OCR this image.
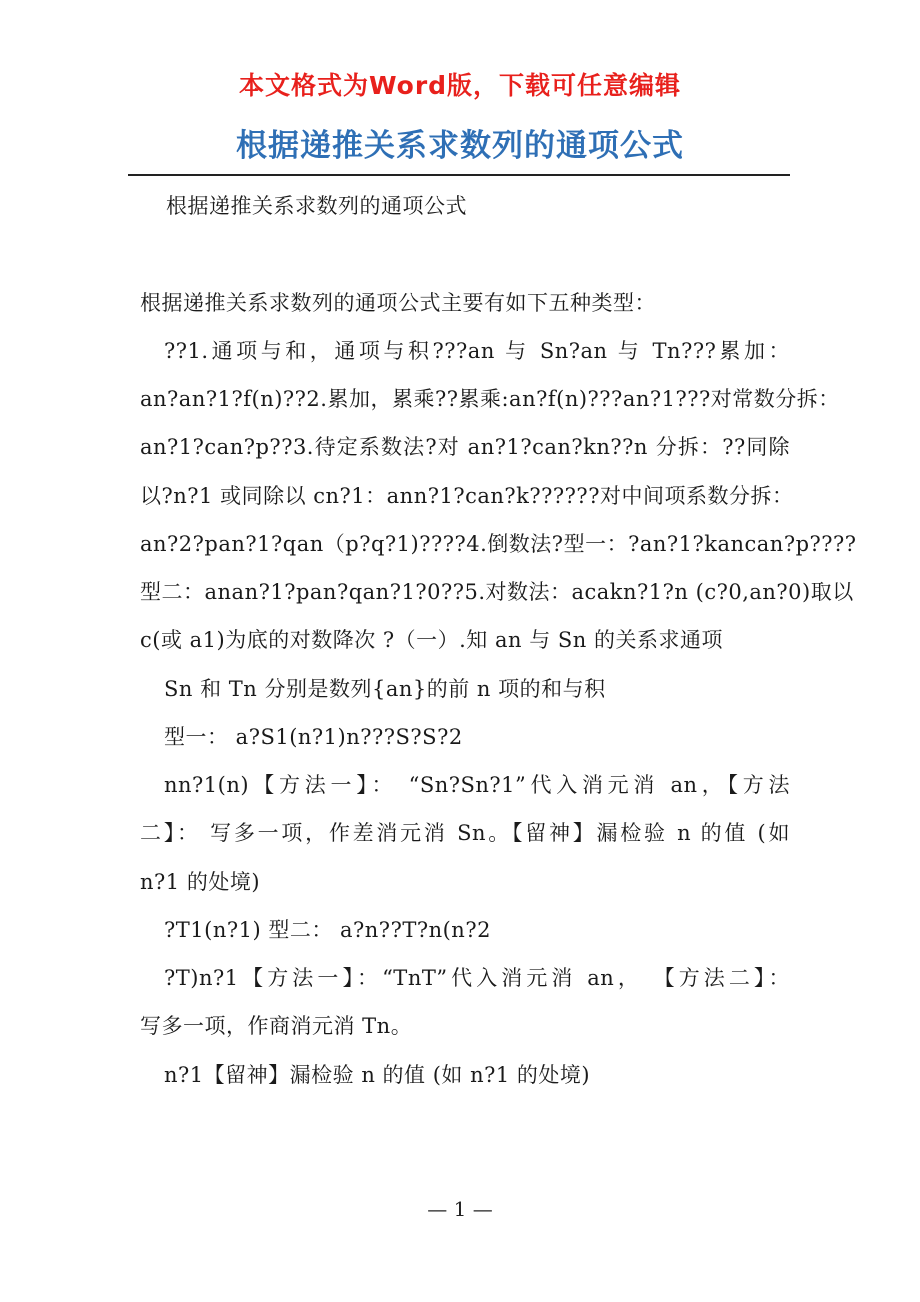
本文格式为Word版，下载可任意编辑
根据递推关系求数列的通项公式
根据递推关系求数列的通项公式
根据递推关系求数列的通项公式主要有如下五种类型：
??1.通项与和，通项与积???an 与 Sn?an 与 Tn???累加：
an?an?1?f(n)??2.累加，累乘??累乘:an?f(n)???an?1???对常数分拆：
an?1?can?p??3.待定系数法?对 an?1?can?kn??n 分拆：??同除
以?n?1 或同除以 cn?1：ann?1?can?k??????对中间项系数分拆：
an?2?pan?1?qan（p?q?1)????4.倒数法?型一：?an?1?kancan?p????
型二：anan?1?pan?qan?1?0??5.对数法：acakn?1?n (c?0,an?0)取以
c(或 a1)为底的对数降次 ?（一）.知 an 与 Sn 的关系求通项
Sn 和 Tn 分别是数列{an}的前 n 项的和与积
型一： a?S1(n?1)n???S?S?2
nn?1(n)【方法一】： “Sn?Sn?1”代入消元消 an，【方法
二】： 写多一项，作差消元消 Sn。【留神】漏检验 n 的值 (如
n?1 的处境)
?T1(n?1) 型二： a?n??T?n(n?2
?T)n?1【方法一】：“TnT”代入消元消 an， 【方法二】：
写多一项，作商消元消 Tn。
n?1【留神】漏检验 n 的值 (如 n?1 的处境)
— 1 —
